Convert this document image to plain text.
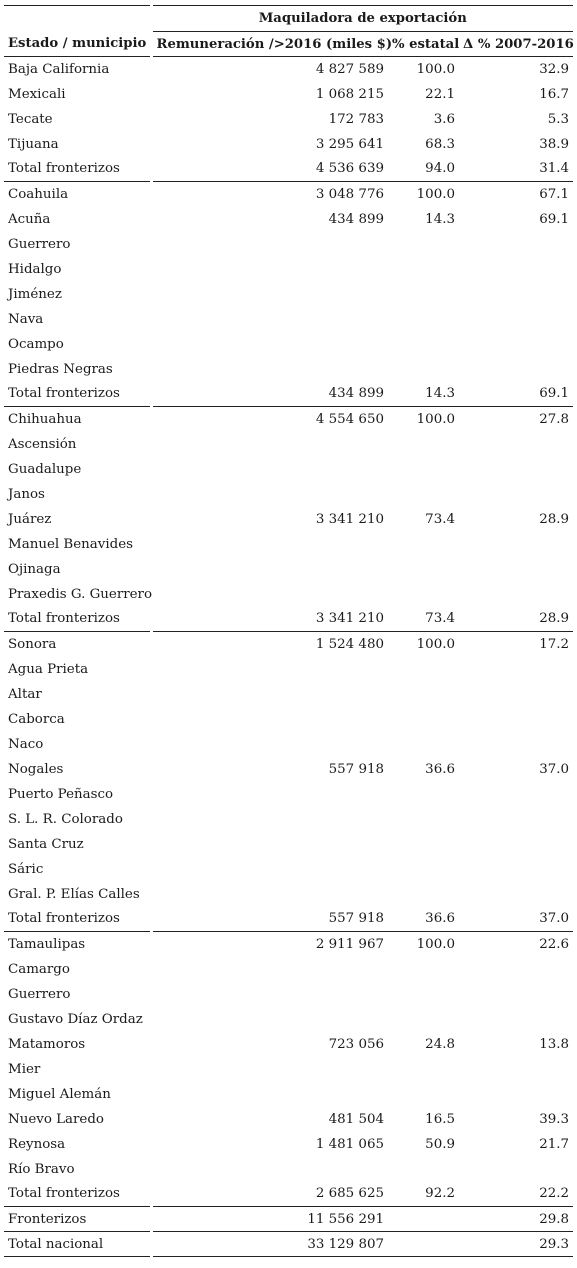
	Maquiladora de exportación		
Estado / municipio	Remuneración />2016 (miles $)	% estatal	Δ % 2007-2016
Baja California	4 827 589	100.0	32.9
Mexicali	1 068 215	22.1	16.7
Tecate	172 783	3.6	5.3
Tijuana	3 295 641	68.3	38.9
Total fronterizos	4 536 639	94.0	31.4
Coahuila	3 048 776	100.0	67.1
Acuña	434 899	14.3	69.1
Guerrero			
Hidalgo			
Jiménez			
Nava			
Ocampo			
Piedras Negras			
Total fronterizos	434 899	14.3	69.1
Chihuahua	4 554 650	100.0	27.8
Ascensión			
Guadalupe			
Janos			
Juárez	3 341 210	73.4	28.9
Manuel Benavides			
Ojinaga			
Praxedis G. Guerrero			
Total fronterizos	3 341 210	73.4	28.9
Sonora	1 524 480	100.0	17.2
Agua Prieta			
Altar			
Caborca			
Naco			
Nogales	557 918	36.6	37.0
Puerto Peñasco			
S. L. R. Colorado			
Santa Cruz			
Sáric			
Gral. P. Elías Calles			
Total fronterizos	557 918	36.6	37.0
Tamaulipas	2 911 967	100.0	22.6
Camargo			
Guerrero			
Gustavo Díaz Ordaz			
Matamoros	723 056	24.8	13.8
Mier			
Miguel Alemán			
Nuevo Laredo	481 504	16.5	39.3
Reynosa	1 481 065	50.9	21.7
Río Bravo			
Total fronterizos	2 685 625	92.2	22.2
Fronterizos	11 556 291		29.8
Total nacional	33 129 807		29.3
